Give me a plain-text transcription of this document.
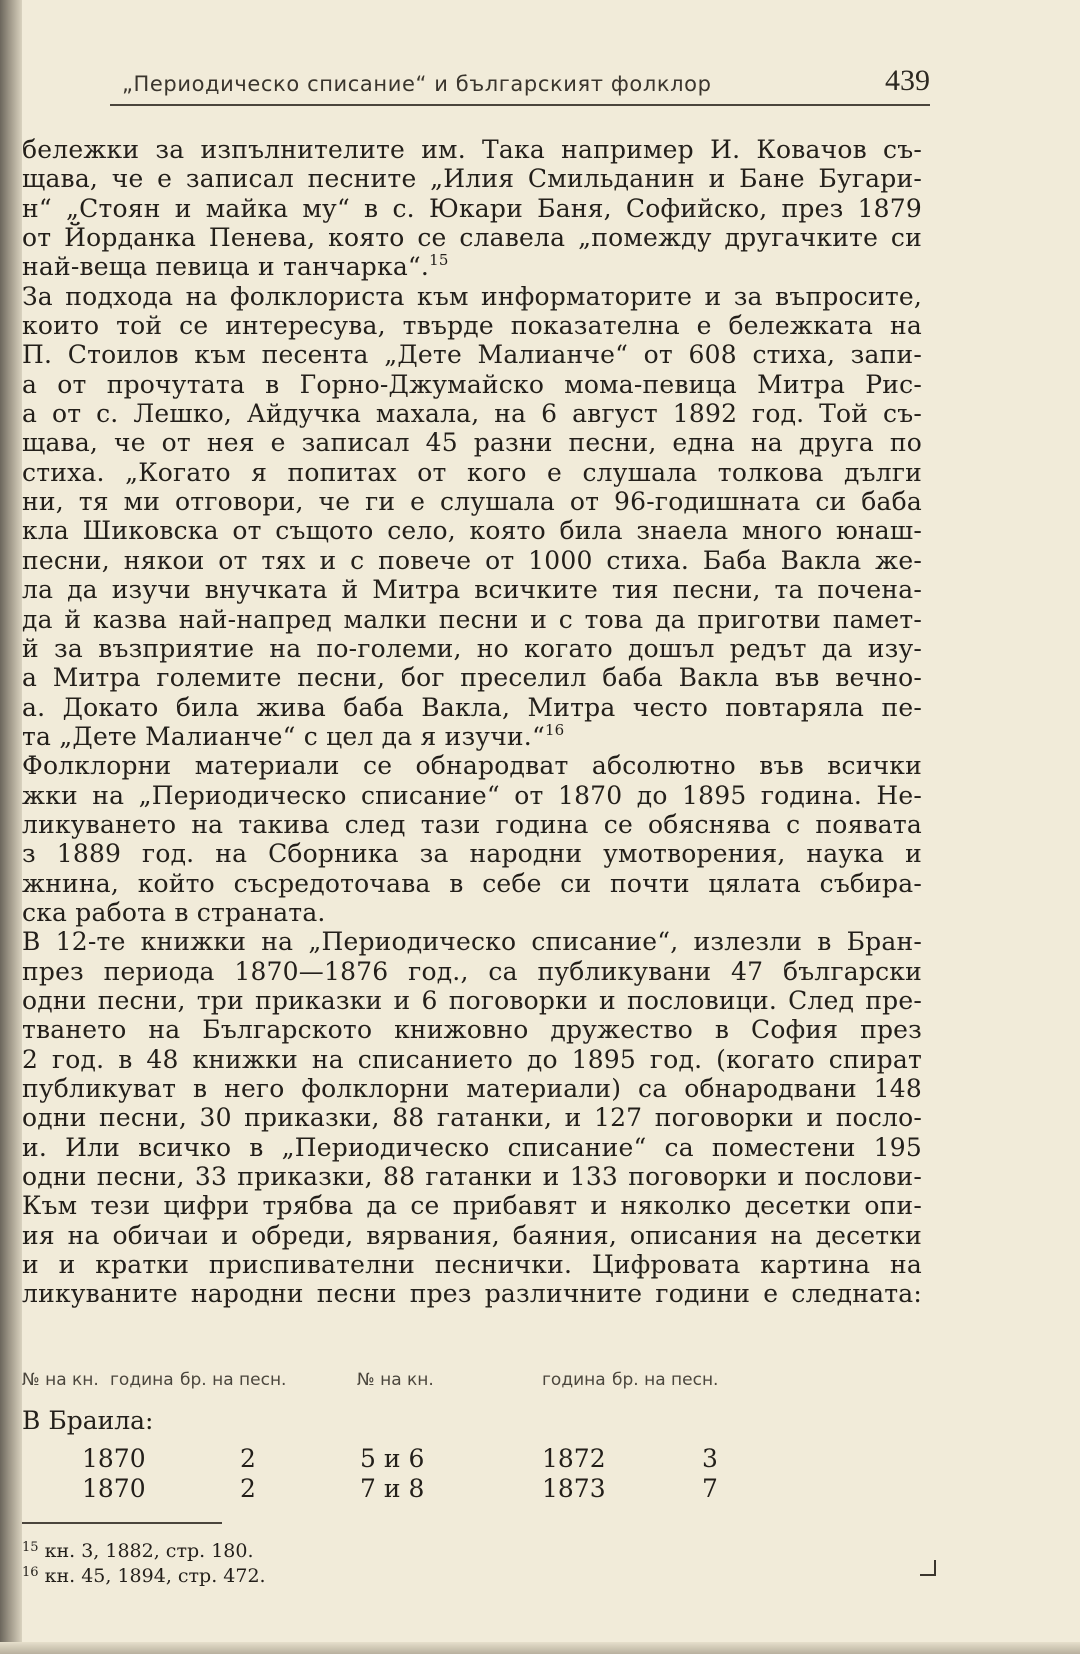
„Периодическо списание“ и българският фолклор	439
бележки за изпълнителите им. Така например И. Ковачов съ-
щава, че е записал песните „Илия Смильданин и Бане Бугари-
н“ „Стоян и майка му“ в с. Юкари Баня, Софийско, през 1879
от Йорданка Пенева, която се славела „помежду другачките си
най-веща певица и танчарка“.$^{15}$
За подхода на фолклориста към информаторите и за въпросите,
които той се интересува, твърде показателна е бележката на
П. Стоилов към песента „Дете Малианче“ от 608 стиха, запи-
а от прочутата в Горно-Джумайско мома-певица Митра Рис-
а от с. Лешко, Айдучка махала, на 6 август 1892 год. Той съ-
щава, че от нея е записал 45 разни песни, една на друга по
стиха. „Когато я попитах от кого е слушала толкова дълги
ни, тя ми отговори, че ги е слушала от 96-годишната си баба
кла Шиковска от същото село, която била знаела много юнаш-
песни, някои от тях и с повече от 1000 стиха. Баба Вакла же-
ла да изучи внучката й Митра всичките тия песни, та почена-
да й казва най-напред малки песни и с това да приготви памет-
й за възприятие на по-големи, но когато дошъл редът да изу-
а Митра големите песни, бог преселил баба Вакла във вечно-
а. Докато била жива баба Вакла, Митра често повтаряла пе-
та „Дете Малианче“ с цел да я изучи.“$^{16}$
Фолклорни материали се обнародват абсолютно във всички
жки на „Периодическо списание“ от 1870 до 1895 година. Не-
ликуването на такива след тази година се обяснява с появата
з 1889 год. на Сборника за народни умотворения, наука и
жнина, който съсредоточава в себе си почти цялата събира-
ска работа в страната.
В 12-те книжки на „Периодическо списание“, излезли в Бран-
през периода 1870—1876 год., са публикувани 47 български
одни песни, три приказки и 6 поговорки и пословици. След пре-
тването на Българското книжовно дружество в София през
2 год. в 48 книжки на списанието до 1895 год. (когато спират
публикуват в него фолклорни материали) са обнародвани 148
одни песни, 30 приказки, 88 гатанки, и 127 поговорки и посло-
и. Или всичко в „Периодическо списание“ са поместени 195
одни песни, 33 приказки, 88 гатанки и 133 поговорки и послови-
Към тези цифри трябва да се прибавят и няколко десетки опи-
ия на обичаи и обреди, вярвания, баяния, описания на десетки
и и кратки приспивателни песнички. Цифровата картина на
ликуваните народни песни през различните години е следната:
№ на кн. година бр. на песн.	№ на кн.	година бр. на песн.
В Браила:
1870	2	5 и 6	1872	3
1870	2	7 и 8	1873	7
$^{15}$ кн. 3, 1882, стр. 180.
$^{16}$ кн. 45, 1894, стр. 472.
